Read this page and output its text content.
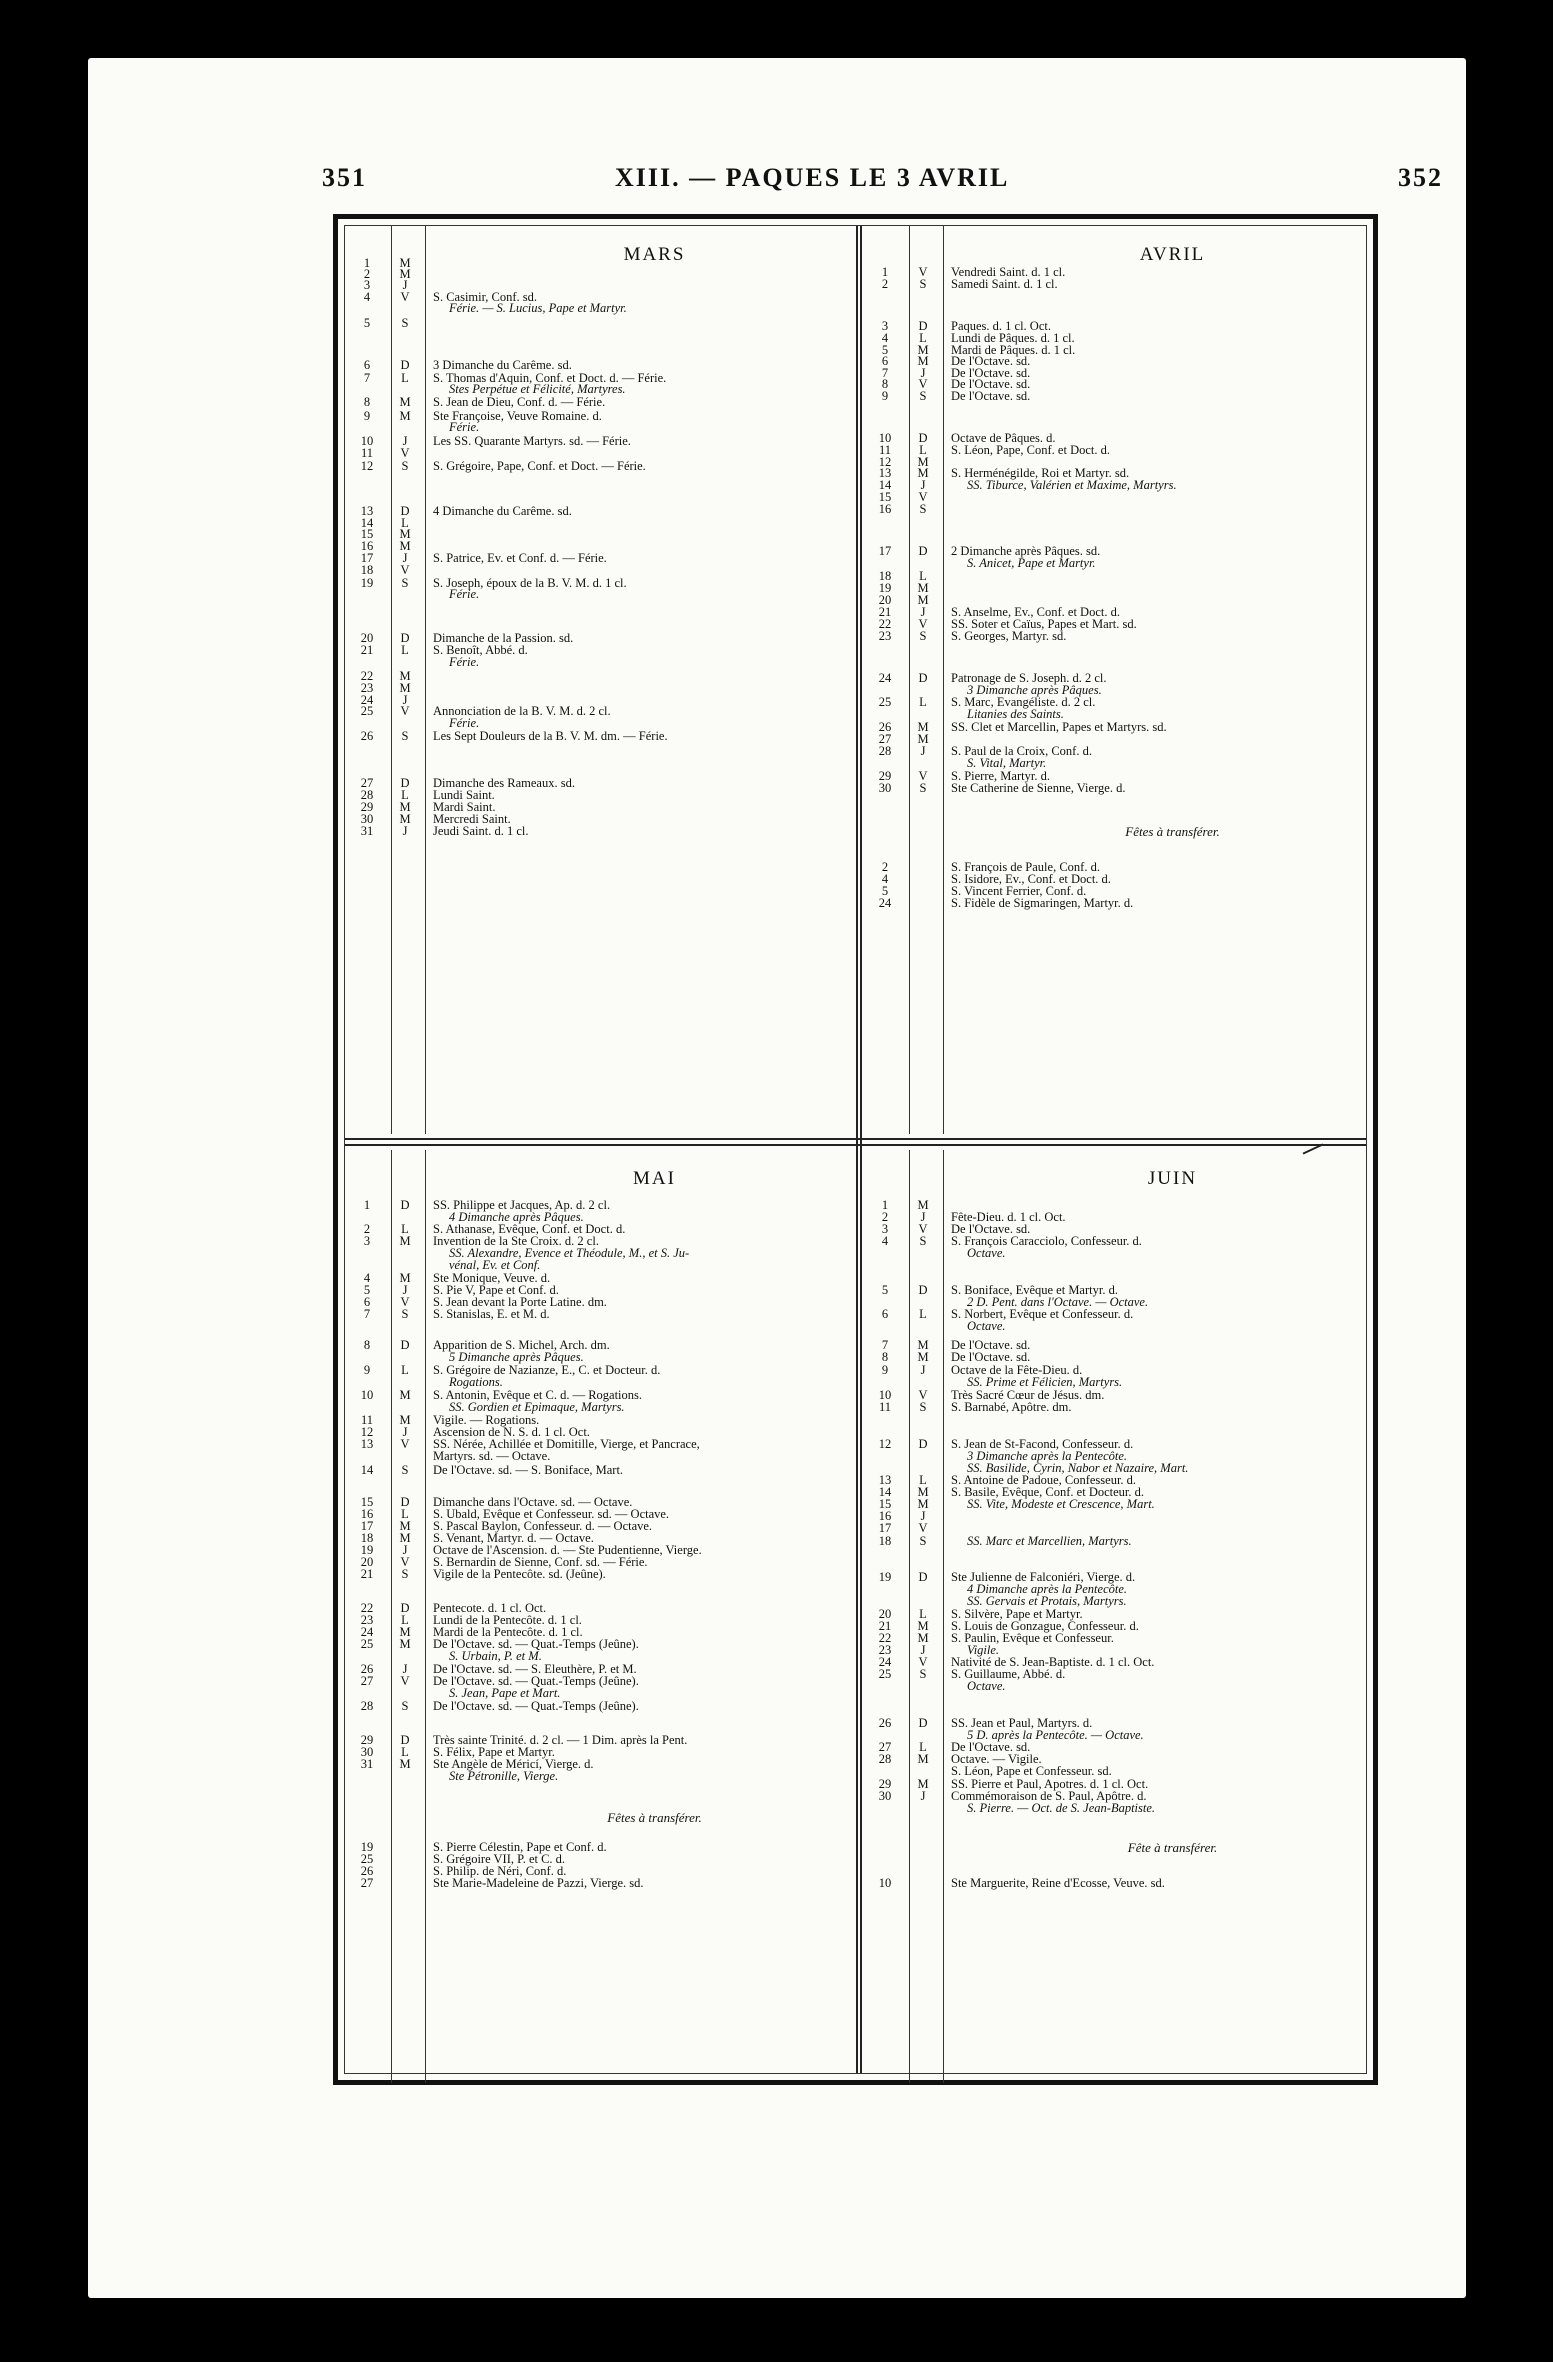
351	XIII. — PAQUES LE 3 AVRIL	352
MARS
1	M
2	M
3	J
4	V	S. Casimir, Conf. sd.
Férie. — S. Lucius, Pape et Martyr.
5	S
6	D	3 Dimanche du Carême. sd.
7	L	S. Thomas d'Aquin, Conf. et Doct. d. — Férie.
Stes Perpétue et Félicité, Martyres.
8	M	S. Jean de Dieu, Conf. d. — Férie.
9	M	Ste Françoise, Veuve Romaine. d.
Férie.
10	J	Les SS. Quarante Martyrs. sd. — Férie.
11	V
12	S	S. Grégoire, Pape, Conf. et Doct. — Férie.
13	D	4 Dimanche du Carême. sd.
14	L
15	M
16	M
17	J	S. Patrice, Ev. et Conf. d. — Férie.
18	V
19	S	S. Joseph, époux de la B. V. M. d. 1 cl.
Férie.
20	D	Dimanche de la Passion. sd.
21	L	S. Benoît, Abbé. d.
Férie.
22	M
23	M
24	J
25	V	Annonciation de la B. V. M. d. 2 cl.
Férie.
26	S	Les Sept Douleurs de la B. V. M. dm. — Férie.
27	D	Dimanche des Rameaux. sd.
28	L	Lundi Saint.
29	M	Mardi Saint.
30	M	Mercredi Saint.
31	J	Jeudi Saint. d. 1 cl.
AVRIL
1	V	Vendredi Saint. d. 1 cl.
2	S	Samedi Saint. d. 1 cl.
3	D	Paques. d. 1 cl. Oct.
4	L	Lundi de Pâques. d. 1 cl.
5	M	Mardi de Pâques. d. 1 cl.
6	M	De l'Octave. sd.
7	J	De l'Octave. sd.
8	V	De l'Octave. sd.
9	S	De l'Octave. sd.
10	D	Octave de Pâques. d.
11	L	S. Léon, Pape, Conf. et Doct. d.
12	M
13	M	S. Herménégilde, Roi et Martyr. sd.
14	J	SS. Tiburce, Valérien et Maxime, Martyrs.
15	V
16	S
17	D	2 Dimanche après Pâques. sd.
S. Anicet, Pape et Martyr.
18	L
19	M
20	M
21	J	S. Anselme, Ev., Conf. et Doct. d.
22	V	SS. Soter et Caïus, Papes et Mart. sd.
23	S	S. Georges, Martyr. sd.
24	D	Patronage de S. Joseph. d. 2 cl.
3 Dimanche après Pâques.
25	L	S. Marc, Evangéliste. d. 2 cl.
Litanies des Saints.
26	M	SS. Clet et Marcellin, Papes et Martyrs. sd.
27	M
28	J	S. Paul de la Croix, Conf. d.
S. Vital, Martyr.
29	V	S. Pierre, Martyr. d.
30	S	Ste Catherine de Sienne, Vierge. d.
2	S. François de Paule, Conf. d.
4	S. Isidore, Ev., Conf. et Doct. d.
5	S. Vincent Ferrier, Conf. d.
24	S. Fidèle de Sigmaringen, Martyr. d.
Fêtes à transférer.
MAI
1	D	SS. Philippe et Jacques, Ap. d. 2 cl.
4 Dimanche après Pâques.
2	L	S. Athanase, Evêque, Conf. et Doct. d.
3	M	Invention de la Ste Croix. d. 2 cl.
SS. Alexandre, Evence et Théodule, M., et S. Ju-
vénal, Ev. et Conf.
4	M	Ste Monique, Veuve. d.
5	J	S. Pie V, Pape et Conf. d.
6	V	S. Jean devant la Porte Latine. dm.
7	S	S. Stanislas, E. et M. d.
8	D	Apparition de S. Michel, Arch. dm.
5 Dimanche après Pâques.
9	L	S. Grégoire de Nazianze, E., C. et Docteur. d.
Rogations.
10	M	S. Antonin, Evêque et C. d. — Rogations.
SS. Gordien et Epimaque, Martyrs.
11	M	Vigile. — Rogations.
12	J	Ascension de N. S. d. 1 cl. Oct.
13	V	SS. Nérée, Achillée et Domitille, Vierge, et Pancrace,
Martyrs. sd. — Octave.
14	S	De l'Octave. sd. — S. Boniface, Mart.
15	D	Dimanche dans l'Octave. sd. — Octave.
16	L	S. Ubald, Evêque et Confesseur. sd. — Octave.
17	M	S. Pascal Baylon, Confesseur. d. — Octave.
18	M	S. Venant, Martyr. d. — Octave.
19	J	Octave de l'Ascension. d. — Ste Pudentienne, Vierge.
20	V	S. Bernardin de Sienne, Conf. sd. — Férie.
21	S	Vigile de la Pentecôte. sd. (Jeûne).
22	D	Pentecote. d. 1 cl. Oct.
23	L	Lundi de la Pentecôte. d. 1 cl.
24	M	Mardi de la Pentecôte. d. 1 cl.
25	M	De l'Octave. sd. — Quat.-Temps (Jeûne).
S. Urbain, P. et M.
26	J	De l'Octave. sd. — S. Eleuthère, P. et M.
27	V	De l'Octave. sd. — Quat.-Temps (Jeûne).
S. Jean, Pape et Mart.
28	S	De l'Octave. sd. — Quat.-Temps (Jeûne).
29	D	Très sainte Trinité. d. 2 cl. — 1 Dim. après la Pent.
30	L	S. Félix, Pape et Martyr.
31	M	Ste Angèle de Méricí, Vierge. d.
Ste Pétronille, Vierge.
19	S. Pierre Célestin, Pape et Conf. d.
25	S. Grégoire VII, P. et C. d.
26	S. Philip. de Néri, Conf. d.
27	Ste Marie-Madeleine de Pazzi, Vierge. sd.
Fêtes à transférer.
JUIN
1	M
2	J	Fête-Dieu. d. 1 cl. Oct.
3	V	De l'Octave. sd.
4	S	S. François Caracciolo, Confesseur. d.
Octave.
5	D	S. Boniface, Evêque et Martyr. d.
2 D. Pent. dans l'Octave. — Octave.
6	L	S. Norbert, Evêque et Confesseur. d.
Octave.
7	M	De l'Octave. sd.
8	M	De l'Octave. sd.
9	J	Octave de la Fête-Dieu. d.
SS. Prime et Félicien, Martyrs.
10	V	Très Sacré Cœur de Jésus. dm.
11	S	S. Barnabé, Apôtre. dm.
12	D	S. Jean de St-Facond, Confesseur. d.
3 Dimanche après la Pentecôte.
SS. Basilide, Cyrin, Nabor et Nazaire, Mart.
13	L	S. Antoine de Padoue, Confesseur. d.
14	M	S. Basile, Evêque, Conf. et Docteur. d.
15	M	SS. Vite, Modeste et Crescence, Mart.
16	J
17	V
18	S	SS. Marc et Marcellien, Martyrs.
19	D	Ste Julienne de Falconiéri, Vierge. d.
4 Dimanche après la Pentecôte.
SS. Gervais et Protais, Martyrs.
20	L	S. Silvère, Pape et Martyr.
21	M	S. Louis de Gonzague, Confesseur. d.
22	M	S. Paulin, Evêque et Confesseur.
23	J	Vigile.
24	V	Nativité de S. Jean-Baptiste. d. 1 cl. Oct.
25	S	S. Guillaume, Abbé. d.
Octave.
26	D	SS. Jean et Paul, Martyrs. d.
5 D. après la Pentecôte. — Octave.
27	L	De l'Octave. sd.
28	M	Octave. — Vigile.
S. Léon, Pape et Confesseur. sd.
29	M	SS. Pierre et Paul, Apotres. d. 1 cl. Oct.
30	J	Commémoraison de S. Paul, Apôtre. d.
S. Pierre. — Oct. de S. Jean-Baptiste.
10	Ste Marguerite, Reine d'Ecosse, Veuve. sd.
Fête à transférer.
